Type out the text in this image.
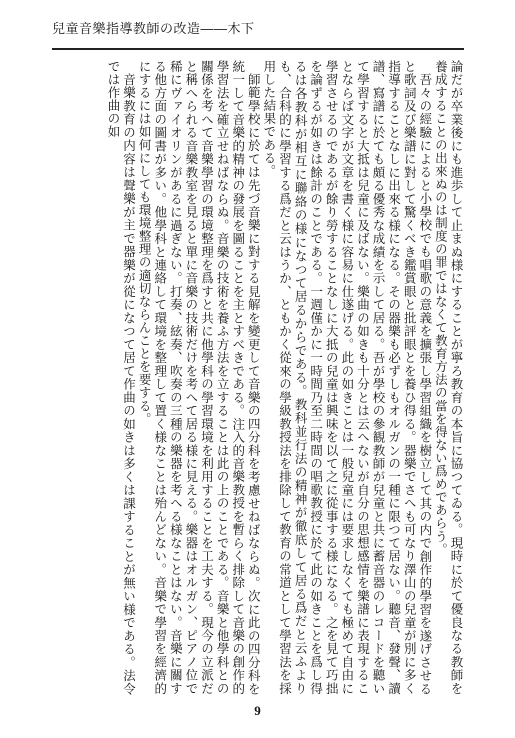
兒童音樂指導教師の改造――木下

論だが卒業後にも進歩して止まぬ様にすることが寧ろ教育の本旨に協つてゐる。現時に於て優良なる教師を養成することの出來ぬのは制度の罪ではなくて教育方法の當を得ない爲めであらう。

吾々の經驗によると小學校でも唱歌の意義を擴張し學習組織を樹立して其の内で創作的學習を遂げさせると歌詞及び樂譜に對して驚くべき鑑賞眼と批評眼とを養ひ得る。器樂でさへも可なり澤山の兒童が別に多く指導することなしに出來る様になる。その器樂も必ずしもオルガンの一種に限つて居ない。聽音、發聲、讀譜、寫譜に於ても頗る優秀な成績を示して居る。吾が學校の參観教師が兒童と共に蓄音器のレコードを聽いて學習すると大抵は兒童に及ばない。樂曲の如きも十分とは云へないが自分の思想感情を樂譜に表現することならば文字が文章を書く様に容易に仕遂げる。此の如きことは一般兒童には要求しなくても極めて自由に學習させるのであるが餘り勞することなしに大抵の兒童は興味を以て之に從事する様になる。之を見て巧拙を論ずるが如きは餘計のことである。一週僅かに一時間乃至二時間の唱歌教授に於て此の如きことを爲し得るは各教科が相互に聯絡の様になつて居るからである。教科並行法の精神が徹底して居る爲だと云ふよりも、合科的に學習する爲だと云はうか、ともかく從來の學級教授法を排除して教育の常道として學習法を採用した結果である。

師範學校に於ては先づ音樂に對する見解を變更して音樂の四分科を考慮せねばならぬ。次に此の四分科を統一して音樂的精神の發展を圖ることを主とすべきである。注入的音樂教授を暫らく排除して音樂の創作的學習法を確立せねばならぬ。音樂の技術を養ふ方法を立することは此の上のことである。音樂と他學科との關係を考へて音樂學習の環境整理を爲すと共に他學科の學習環境を利用することを工夫する。現今の立派だと稱へられる音樂教室を見ると單に音樂の技術だけを考へて居る様に見える。樂器はオルガン、ピアノ位で稀にヴァイオリンがあるに過ぎない。打奏、絃奏、吹奏の三種の樂器を考へる様なことはない。音樂に關する他方面の圖書が多い。他學科と連絡して環境を整理して置く様なことは殆んどない。音樂で學習を經濟的にするには如何にしても環境整理の適切ならんことを要する。

音樂教育の内容は聲樂が主で器樂が從になつて居て作曲の如きは多くは課することが無い様である。法令では作曲の如

9
